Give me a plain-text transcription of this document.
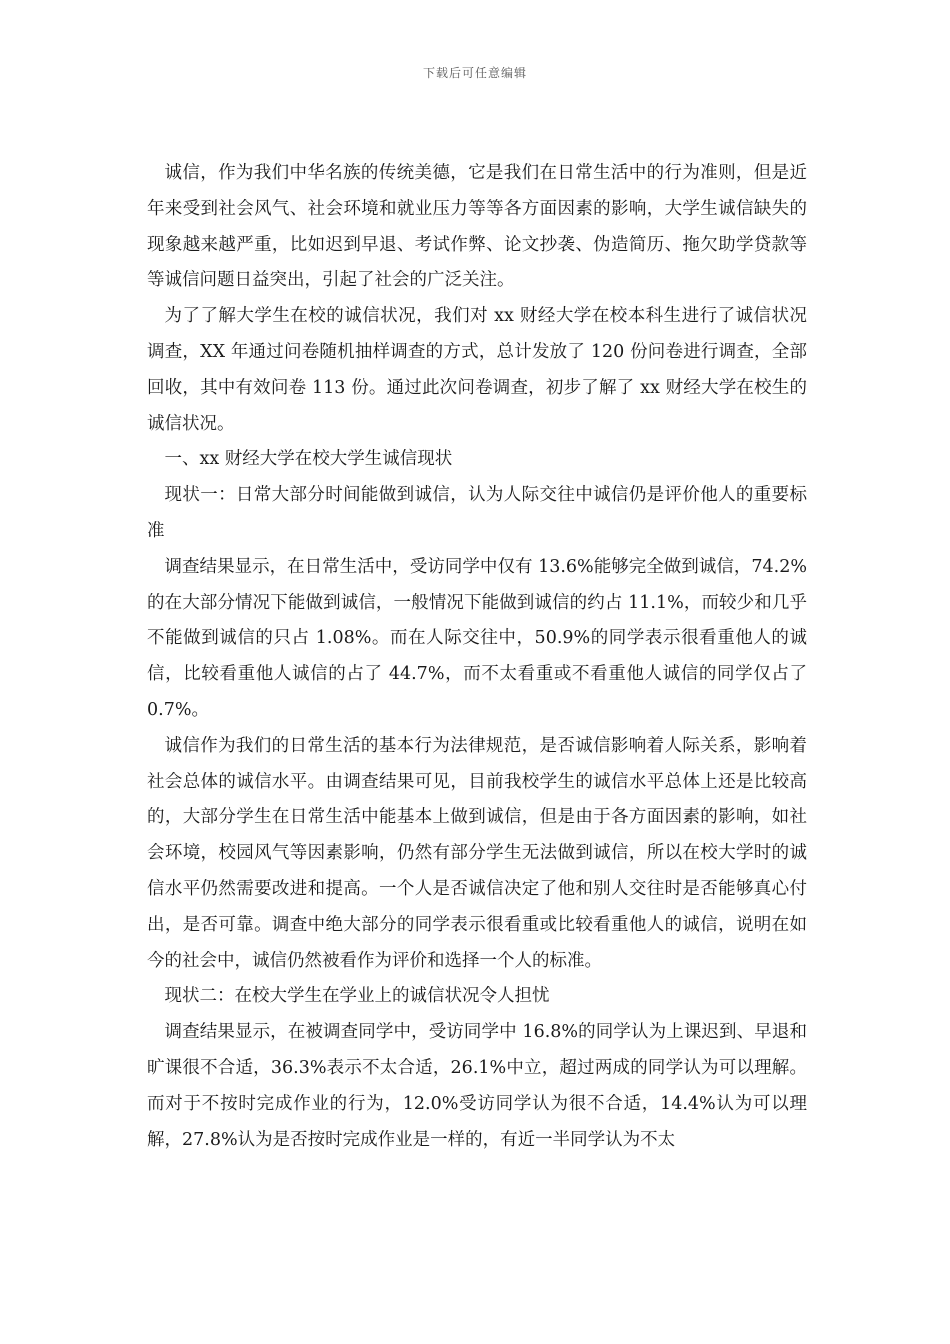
下载后可任意编辑

诚信，作为我们中华名族的传统美德，它是我们在日常生活中的行为准则，但是近年来受到社会风气、社会环境和就业压力等等各方面因素的影响，大学生诚信缺失的现象越来越严重，比如迟到早退、考试作弊、论文抄袭、伪造简历、拖欠助学贷款等等诚信问题日益突出，引起了社会的广泛关注。

为了了解大学生在校的诚信状况，我们对 xx 财经大学在校本科生进行了诚信状况调查，XX 年通过问卷随机抽样调查的方式，总计发放了 120 份问卷进行调查，全部回收，其中有效问卷 113 份。通过此次问卷调查，初步了解了 xx 财经大学在校生的诚信状况。

一、xx 财经大学在校大学生诚信现状

现状一：日常大部分时间能做到诚信，认为人际交往中诚信仍是评价他人的重要标准

调查结果显示，在日常生活中，受访同学中仅有 13.6%能够完全做到诚信，74.2%的在大部分情况下能做到诚信，一般情况下能做到诚信的约占 11.1%，而较少和几乎不能做到诚信的只占 1.08%。而在人际交往中，50.9%的同学表示很看重他人的诚信，比较看重他人诚信的占了 44.7%，而不太看重或不看重他人诚信的同学仅占了 0.7%。

诚信作为我们的日常生活的基本行为法律规范，是否诚信影响着人际关系，影响着社会总体的诚信水平。由调查结果可见，目前我校学生的诚信水平总体上还是比较高的，大部分学生在日常生活中能基本上做到诚信，但是由于各方面因素的影响，如社会环境，校园风气等因素影响，仍然有部分学生无法做到诚信，所以在校大学时的诚信水平仍然需要改进和提高。一个人是否诚信决定了他和别人交往时是否能够真心付出，是否可靠。调查中绝大部分的同学表示很看重或比较看重他人的诚信，说明在如今的社会中，诚信仍然被看作为评价和选择一个人的标准。

现状二：在校大学生在学业上的诚信状况令人担忧

调查结果显示，在被调查同学中，受访同学中 16.8%的同学认为上课迟到、早退和旷课很不合适，36.3%表示不太合适，26.1%中立，超过两成的同学认为可以理解。而对于不按时完成作业的行为，12.0%受访同学认为很不合适，14.4%认为可以理解，27.8%认为是否按时完成作业是一样的，有近一半同学认为不太
